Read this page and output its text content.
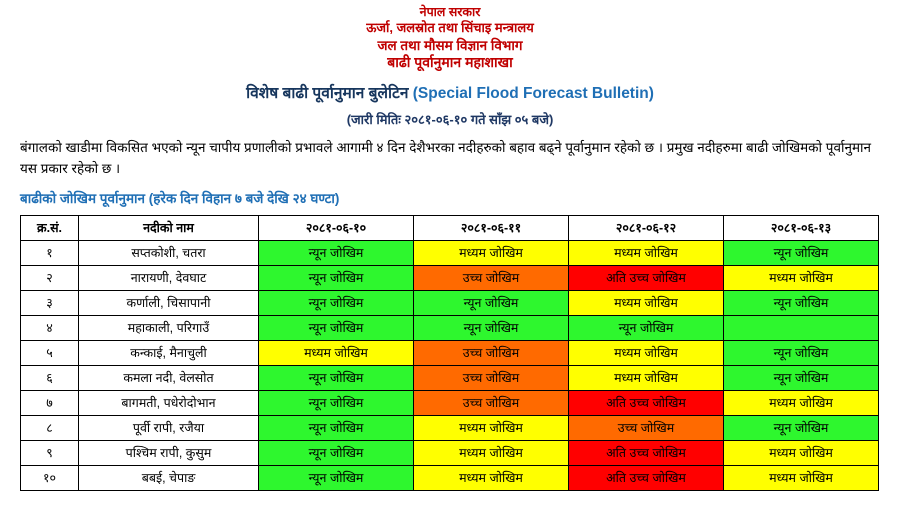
नेपाल सरकार
ऊर्जा, जलस्रोत तथा सिंचाइ मन्त्रालय
जल तथा मौसम विज्ञान विभाग
बाढी पूर्वानुमान महाशाखा
विशेष बाढी पूर्वानुमान बुलेटिन (Special Flood Forecast Bulletin)
(जारी मितिः २०८१-०६-१० गते साँझ ०५ बजे)
बंगालको खाडीमा विकसित भएको न्यून चापीय प्रणालीको प्रभावले आगामी ४ दिन देशैभरका नदीहरुको बहाव बढ्ने पूर्वानुमान रहेको छ । प्रमुख नदीहरुमा बाढी जोखिमको पूर्वानुमान यस प्रकार रहेको छ ।
बाढीको जोखिम पूर्वानुमान (हरेक दिन विहान ७ बजे देखि २४ घण्टा)
क्र.सं.	नदीको नाम	२०८१-०६-१०	२०८१-०६-११	२०८१-०६-१२	२०८१-०६-१३
१	सप्तकोशी, चतरा	न्यून जोखिम	मध्यम जोखिम	मध्यम जोखिम	न्यून जोखिम
२	नारायणी, देवघाट	न्यून जोखिम	उच्च जोखिम	अति उच्च जोखिम	मध्यम जोखिम
३	कर्णाली, चिसापानी	न्यून जोखिम	न्यून जोखिम	मध्यम जोखिम	न्यून जोखिम
४	महाकाली, परिगाउँ	न्यून जोखिम	न्यून जोखिम	न्यून जोखिम	
५	कन्काई, मैनाचुली	मध्यम जोखिम	उच्च जोखिम	मध्यम जोखिम	न्यून जोखिम
६	कमला नदी, वेलसोत	न्यून जोखिम	उच्च जोखिम	मध्यम जोखिम	न्यून जोखिम
७	बागमती, पधेरोदोभान	न्यून जोखिम	उच्च जोखिम	अति उच्च जोखिम	मध्यम जोखिम
८	पूर्वी रापी, रजैया	न्यून जोखिम	मध्यम जोखिम	उच्च जोखिम	न्यून जोखिम
९	पश्चिम रापी, कुसुम	न्यून जोखिम	मध्यम जोखिम	अति उच्च जोखिम	मध्यम जोखिम
१०	बबई, चेपाङ	न्यून जोखिम	मध्यम जोखिम	अति उच्च जोखिम	मध्यम जोखिम
